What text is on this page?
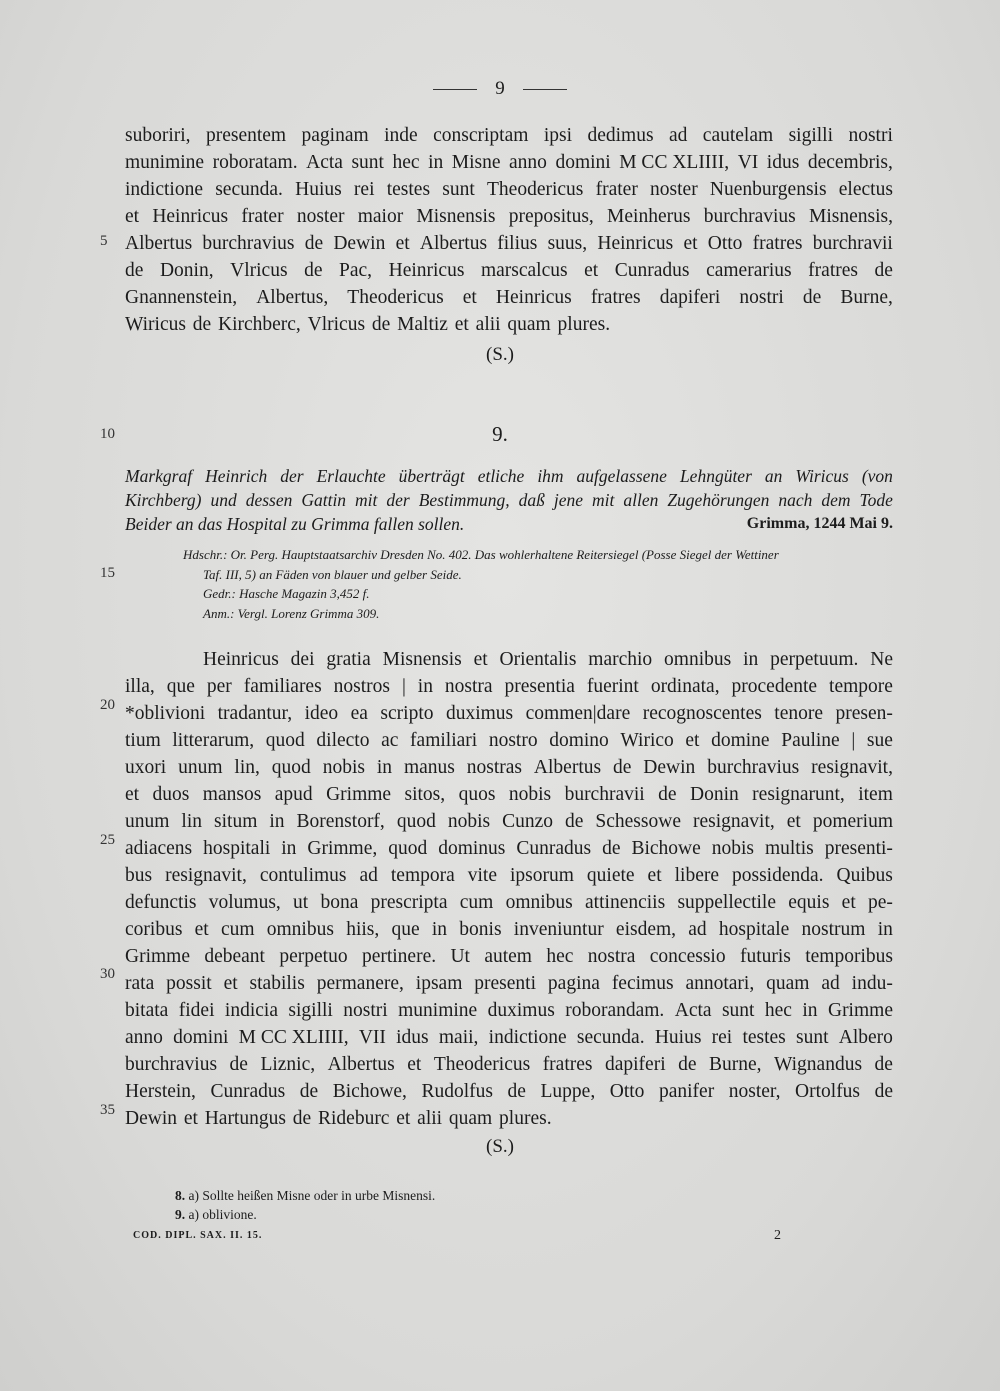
9
suboriri, presentem paginam inde conscriptam ipsi dedimus ad cautelam sigilli nostri
munimine roboratam. Acta sunt hec in Misne anno domini M CC XLIIII, VI idus decembris,
indictione secunda. Huius rei testes sunt Theodericus frater noster Nuenburgensis electus
et Heinricus frater noster maior Misnensis prepositus, Meinherus burchravius Misnensis,
Albertus burchravius de Dewin et Albertus filius suus, Heinricus et Otto fratres burchravii
de Donin, Vlricus de Pac, Heinricus marscalcus et Cunradus camerarius fratres de
Gnannenstein, Albertus, Theodericus et Heinricus fratres dapiferi nostri de Burne,
Wiricus de Kirchberc, Vlricus de Maltiz et alii quam plures.
(S.)
5
10
15
20
25
30
35
9.
Markgraf Heinrich der Erlauchte überträgt etliche ihm aufgelassene Lehngüter an Wiricus (von
Kirchberg) und dessen Gattin mit der Bestimmung, daß jene mit allen Zugehörungen nach dem Tode
Beider an das Hospital zu Grimma fallen sollen.	Grimma, 1244 Mai 9.
Hdschr.: Or. Perg. Hauptstaatsarchiv Dresden No. 402. Das wohlerhaltene Reitersiegel (Posse Siegel der Wettiner
Taf. III, 5) an Fäden von blauer und gelber Seide.
Gedr.: Hasche Magazin 3,452 f.
Anm.: Vergl. Lorenz Grimma 309.
Heinricus dei gratia Misnensis et Orientalis marchio omnibus in perpetuum. Ne
illa, que per familiares nostros | in nostra presentia fuerint ordinata, procedente tempore
*oblivioni tradantur, ideo ea scripto duximus commen|dare recognoscentes tenore presen-
tium litterarum, quod dilecto ac familiari nostro domino Wirico et domine Pauline | sue
uxori unum lin, quod nobis in manus nostras Albertus de Dewin burchravius resignavit,
et duos mansos apud Grimme sitos, quos nobis burchravii de Donin resignarunt, item
unum lin situm in Borenstorf, quod nobis Cunzo de Schessowe resignavit, et pomerium
adiacens hospitali in Grimme, quod dominus Cunradus de Bichowe nobis multis presenti-
bus resignavit, contulimus ad tempora vite ipsorum quiete et libere possidenda. Quibus
defunctis volumus, ut bona prescripta cum omnibus attinenciis suppellectile equis et pe-
coribus et cum omnibus hiis, que in bonis inveniuntur eisdem, ad hospitale nostrum in
Grimme debeant perpetuo pertinere. Ut autem hec nostra concessio futuris temporibus
rata possit et stabilis permanere, ipsam presenti pagina fecimus annotari, quam ad indu-
bitata fidei indicia sigilli nostri munimine duximus roborandam. Acta sunt hec in Grimme
anno domini M CC XLIIII, VII idus maii, indictione secunda. Huius rei testes sunt Albero
burchravius de Liznic, Albertus et Theodericus fratres dapiferi de Burne, Wignandus de
Herstein, Cunradus de Bichowe, Rudolfus de Luppe, Otto panifer noster, Ortolfus de
Dewin et Hartungus de Rideburc et alii quam plures.
(S.)
8. a) Sollte heißen Misne oder in urbe Misnensi.
9. a) oblivione.
COD. DIPL. SAX. II. 15.	2
